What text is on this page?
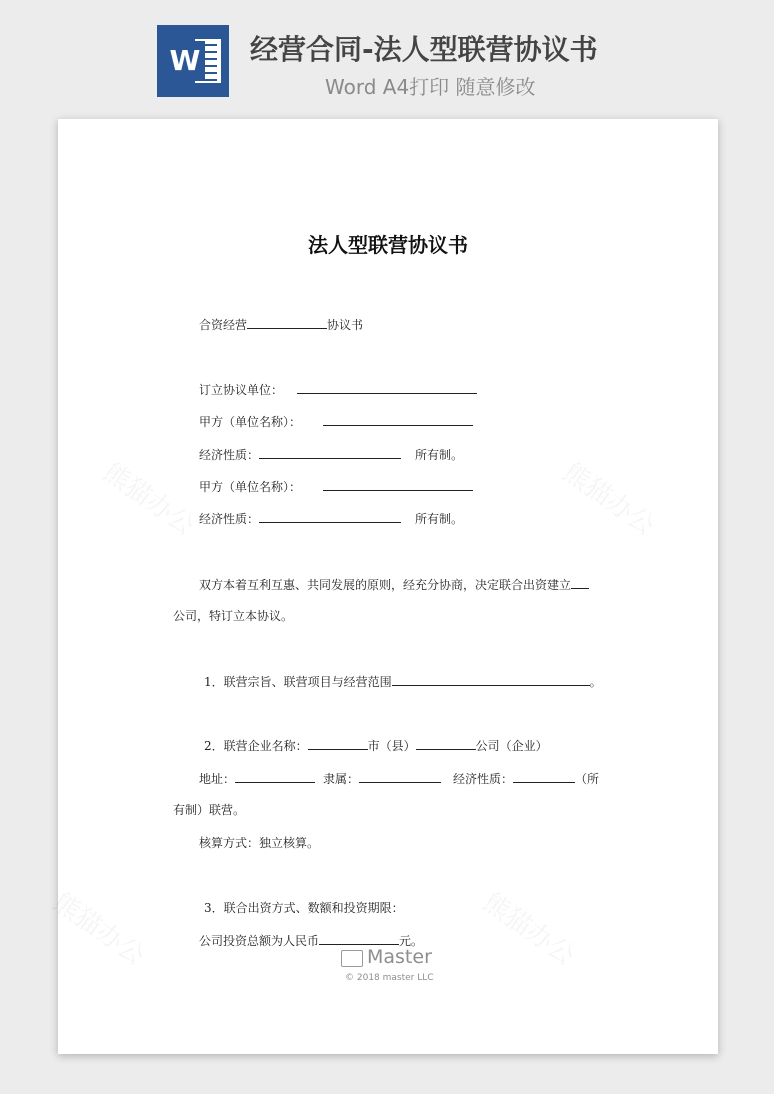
W 经营合同-法人型联营协议书
Word A4打印 随意修改
法人型联营协议书
合资经营	协议书
订立协议单位：
甲方（单位名称）：
经济性质：	所有制。
甲方（单位名称）：
经济性质：	所有制。
双方本着互利互惠、共同发展的原则，经充分协商，决定联合出资建立
公司，特订立本协议。
1．联营宗旨、联营项目与经营范围	。
2．联营企业名称：	市（县）	公司（企业）
地址：	隶属：	经济性质：	（所
有制）联营。
核算方式：独立核算。
3．联合出资方式、数额和投资期限：
公司投资总额为人民币	元。
Master
© 2018 master LLC
